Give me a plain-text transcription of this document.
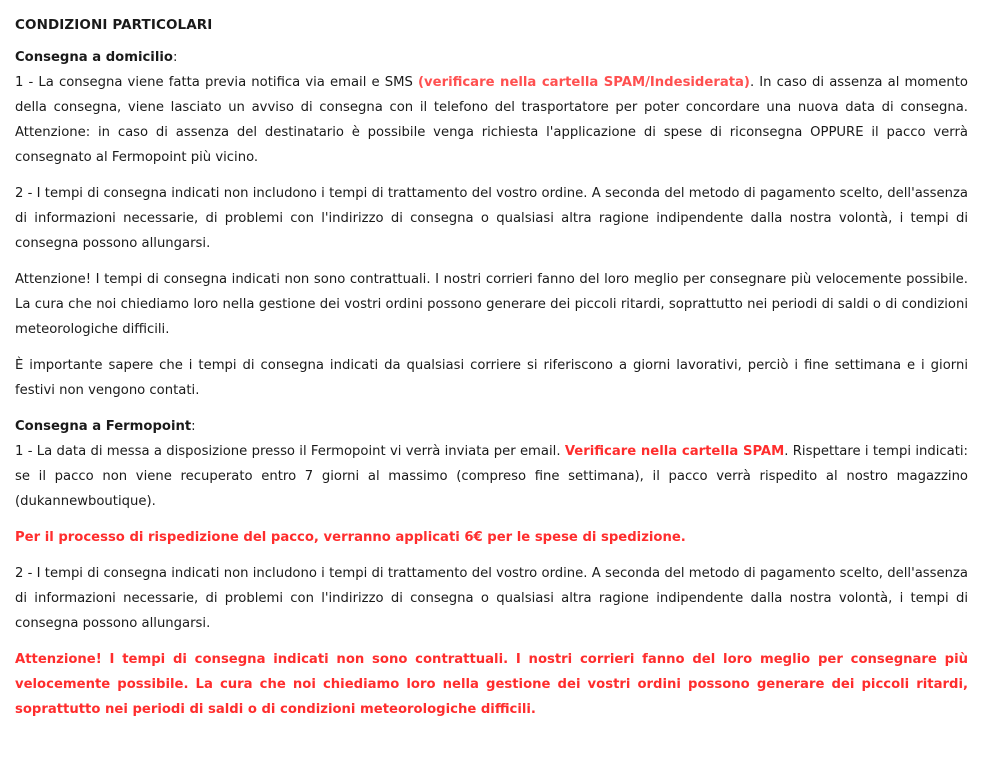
CONDIZIONI PARTICOLARI
Consegna a domicilio:

1 - La consegna viene fatta previa notifica via email e SMS (verificare nella cartella SPAM/Indesiderata). In caso di assenza al momento della consegna, viene lasciato un avviso di consegna con il telefono del trasportatore per poter concordare una nuova data di consegna. Attenzione: in caso di assenza del destinatario è possibile venga richiesta l'applicazione di spese di riconsegna OPPURE il pacco verrà consegnato al Fermopoint più vicino.

2 - I tempi di consegna indicati non includono i tempi di trattamento del vostro ordine. A seconda del metodo di pagamento scelto, dell'assenza di informazioni necessarie, di problemi con l'indirizzo di consegna o qualsiasi altra ragione indipendente dalla nostra volontà, i tempi di consegna possono allungarsi.

Attenzione! I tempi di consegna indicati non sono contrattuali. I nostri corrieri fanno del loro meglio per consegnare più velocemente possibile. La cura che noi chiediamo loro nella gestione dei vostri ordini possono generare dei piccoli ritardi, soprattutto nei periodi di saldi o di condizioni meteorologiche difficili.

È importante sapere che i tempi di consegna indicati da qualsiasi corriere si riferiscono a giorni lavorativi, perciò i fine settimana e i giorni festivi non vengono contati.

Consegna a Fermopoint:

1 - La data di messa a disposizione presso il Fermopoint vi verrà inviata per email. Verificare nella cartella SPAM. Rispettare i tempi indicati: se il pacco non viene recuperato entro 7 giorni al massimo (compreso fine settimana), il pacco verrà rispedito al nostro magazzino (dukannewboutique).

Per il processo di rispedizione del pacco, verranno applicati 6€ per le spese di spedizione.

2 - I tempi di consegna indicati non includono i tempi di trattamento del vostro ordine. A seconda del metodo di pagamento scelto, dell'assenza di informazioni necessarie, di problemi con l'indirizzo di consegna o qualsiasi altra ragione indipendente dalla nostra volontà, i tempi di consegna possono allungarsi.

Attenzione! I tempi di consegna indicati non sono contrattuali. I nostri corrieri fanno del loro meglio per consegnare più velocemente possibile. La cura che noi chiediamo loro nella gestione dei vostri ordini possono generare dei piccoli ritardi, soprattutto nei periodi di saldi o di condizioni meteorologiche difficili.
